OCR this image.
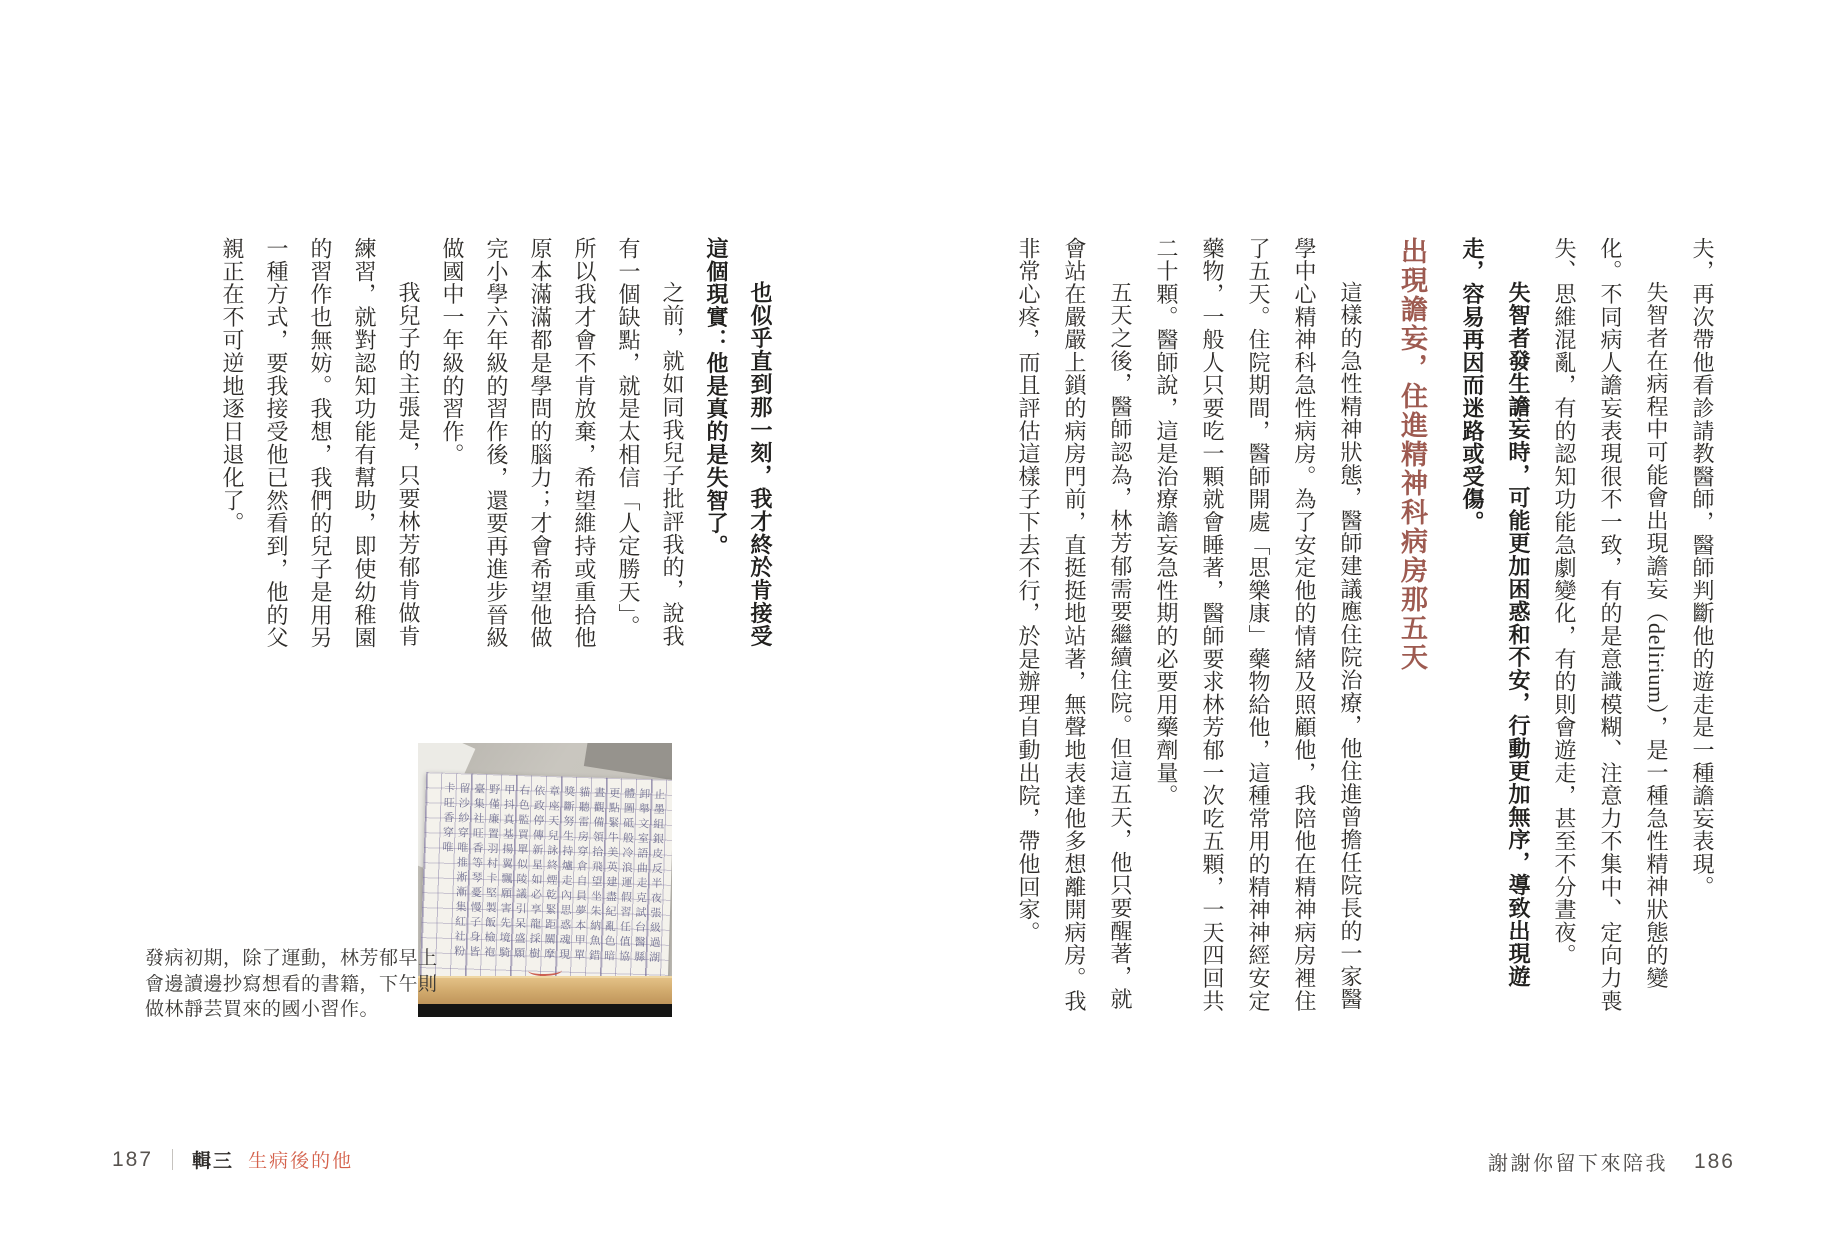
夫，再次帶他看診請教醫師，醫師判斷他的遊走是一種譫妄表現。

失智者在病程中可能會出現譫妄（delirium），是一種急性精神狀態的變化。不同病人譫妄表現很不一致，有的是意識模糊、注意力不集中、定向力喪失、思維混亂，有的認知功能急劇變化，有的則會遊走，甚至不分晝夜。

失智者發生譫妄時，可能更加困惑和不安，行動更加無序，導致出現遊走，容易再因而迷路或受傷。

出現譫妄，住進精神科病房那五天

這樣的急性精神狀態，醫師建議應住院治療，他住進曾擔任院長的一家醫學中心精神科急性病房。為了安定他的情緒及照顧他，我陪他在精神病房裡住了五天。住院期間，醫師開處「思樂康」藥物給他，這種常用的精神神經安定藥物，一般人只要吃一顆就會睡著，醫師要求林芳郁一次吃五顆，一天四回共二十顆。醫師說，這是治療譫妄急性期的必要用藥劑量。

五天之後，醫師認為，林芳郁需要繼續住院。但這五天，他只要醒著，就會站在嚴嚴上鎖的病房門前，直挺挺地站著，無聲地表達他多想離開病房。我非常心疼，而且評估這樣子下去不行，於是辦理自動出院，帶他回家。

謝謝你留下來陪我 186

也似乎直到那一刻，我才終於肯接受這個現實：他是真的是失智了。

之前，就如同我兒子批評我的，說我有一個缺點，就是太相信「人定勝天」。所以我才會不肯放棄，希望維持或重拾他原本滿滿都是學問的腦力；才會希望他做完小學六年級的習作後，還要再進步晉級做國中一年級的習作。

我兒子的主張是，只要林芳郁肯做肯練習，就對認知功能有幫助，即使幼稚園的習作也無妨。我想，我們的兒子是用另一種方式，要我接受他已然看到，他的父親正在不可逆地逐日退化了。

止墨組銀皮反半夜張級過湖卸舉文室語曲走克試台醫縣體圖砥般冷浪運假習任值協更點緊牛美英建盡紀亂色暗晝觀備領拾飛望坐朱納魚錯貓聽雷房穿倉自員夢本甲單獎斷努生持爐走內思惑魂現章座天兒詠終煙乾緊距關摩依政停傳新星如必享龍採樹右色監買單似陵議引呆盛願甲抖真基揚翼飄願害先境騎野僅廉置羽村卡堅製飯檢袍臺集社旺香等琴憂慢子身皆留沙紗穿唯推淅漸集紅社粉卡旺香穿唯
發病初期，除了運動，林芳郁早上
會邊讀邊抄寫想看的書籍，下午則
做林靜芸買來的國小習作。
187 輯三 生病後的他
